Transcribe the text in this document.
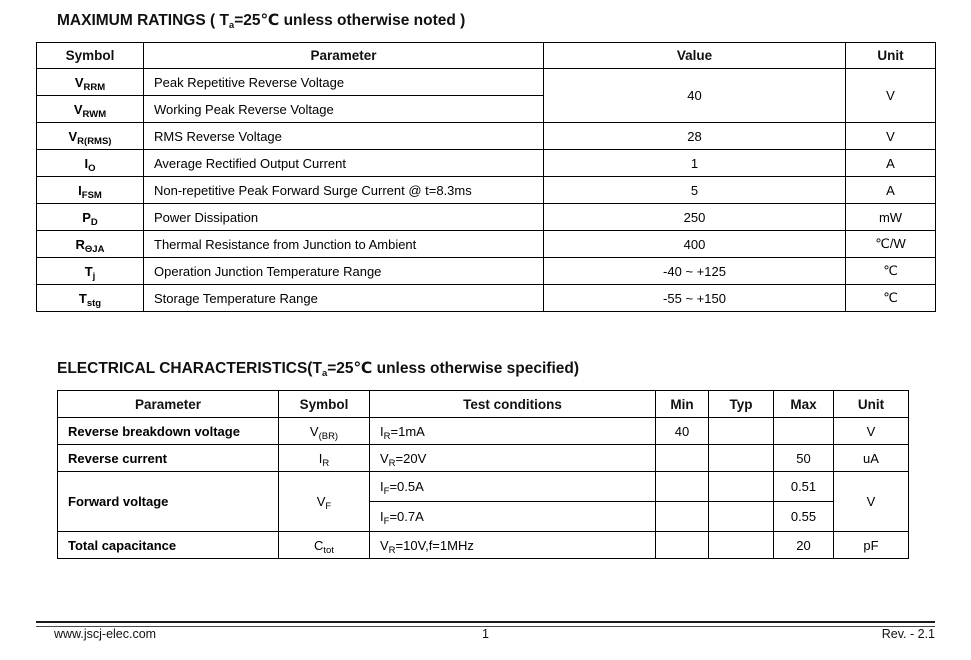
MAXIMUM RATINGS ( $T_a=25℃$ unless otherwise noted )
Symbol	Parameter	Value	Unit
$V_{RRM}$	Peak Repetitive Reverse Voltage	40	V
$V_{RWM}$	Working Peak Reverse Voltage		
$V_{R(RMS)}$	RMS Reverse Voltage	28	V
$I_O$	Average Rectified Output Current	1	A
$I_{FSM}$	Non-repetitive Peak Forward Surge Current @ t=8.3ms	5	A
$P_D$	Power Dissipation	250	mW
$R_{\Theta JA}$	Thermal Resistance from Junction to Ambient	400	℃/W
$T_j$	Operation Junction Temperature Range	-40 ~ +125	℃
$T_{stg}$	Storage Temperature Range	-55 ~ +150	℃
ELECTRICAL $CHARACTERISTICS(T_a=25℃$ unless otherwise specified)
Parameter	Symbol	Test conditions	Min	Typ	Max	Unit
Reverse breakdown voltage	$V_{(BR)}$	$I_R=1mA$	40			V
Reverse current	$I_R$	$V_R=20V$			50	uA
Forward voltage	$V_F$	$I_F=0.5A$			0.51	V
		$I_F=0.7A$			0.55	
Total capacitance	$C_{tot}$	$V_R=10V,f=1MHz$			20	pF
www.jscj-elec.com	1	Rev. - 2.1
